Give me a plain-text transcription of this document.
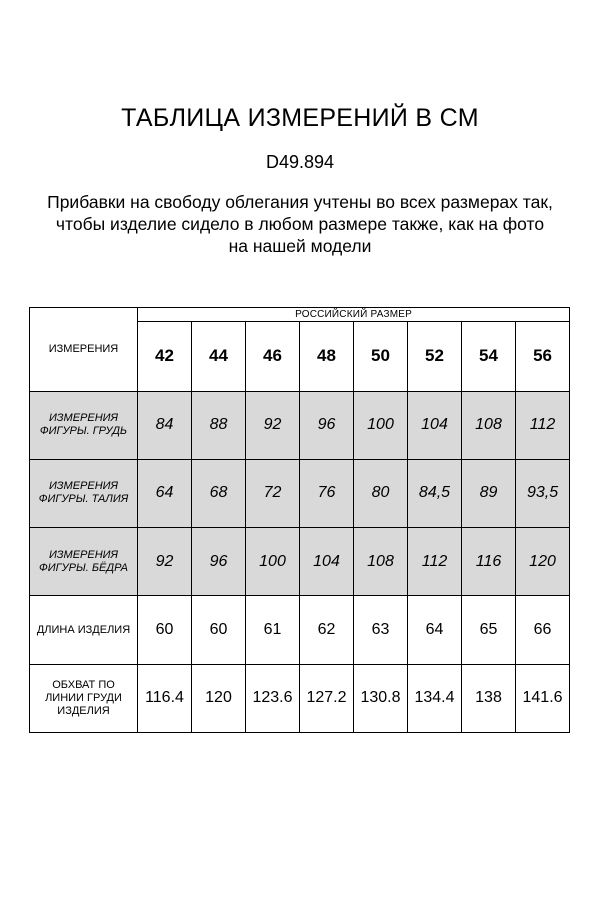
ТАБЛИЦА ИЗМЕРЕНИЙ В СМ
D49.894
Прибавки на свободу облегания учтены во всех размерах так,
чтобы изделие сидело в любом размере также, как на фото
на нашей модели
ИЗМЕРЕНИЯ	РОССИЙСКИЙ РАЗМЕР							
	42	44	46	48	50	52	54	56

ИЗМЕРЕНИЯ
ФИГУРЫ. ГРУДЬ	84	88	92	96	100	104	108	112

ИЗМЕРЕНИЯ
ФИГУРЫ. ТАЛИЯ	64	68	72	76	80	84,5	89	93,5

ИЗМЕРЕНИЯ
ФИГУРЫ. БЁДРА	92	96	100	104	108	112	116	120

ДЛИНА ИЗДЕЛИЯ	60	60	61	62	63	64	65	66

ОБХВАТ ПО
ЛИНИИ ГРУДИ
ИЗДЕЛИЯ	116.4	120	123.6	127.2	130.8	134.4	138	141.6
